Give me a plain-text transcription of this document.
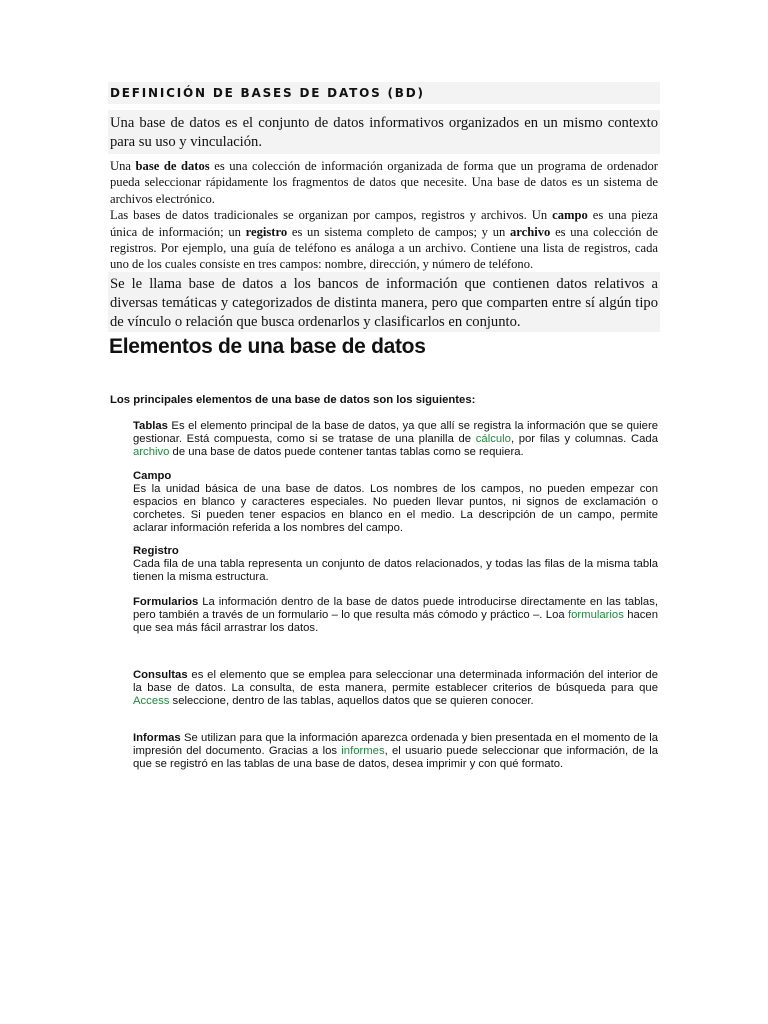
DEFINICIÓN DE BASES DE DATOS (BD)
Una base de datos es el conjunto de datos informativos organizados en un mismo contexto para su uso y vinculación.
Una base de datos es una colección de información organizada de forma que un programa de ordenador pueda seleccionar rápidamente los fragmentos de datos que necesite. Una base de datos es un sistema de archivos electrónico.
Las bases de datos tradicionales se organizan por campos, registros y archivos. Un campo es una pieza única de información; un registro es un sistema completo de campos; y un archivo es una colección de registros. Por ejemplo, una guía de teléfono es análoga a un archivo. Contiene una lista de registros, cada uno de los cuales consiste en tres campos: nombre, dirección, y número de teléfono.
Se le llama base de datos a los bancos de información que contienen datos relativos a diversas temáticas y categorizados de distinta manera, pero que comparten entre sí algún tipo de vínculo o relación que busca ordenarlos y clasificarlos en conjunto.
Elementos de una base de datos
Los principales elementos de una base de datos son los siguientes:
Tablas Es el elemento principal de la base de datos, ya que allí se registra la información que se quiere gestionar. Está compuesta, como si se tratase de una planilla de cálculo, por filas y columnas. Cada archivo de una base de datos puede contener tantas tablas como se requiera.
Campo
Es la unidad básica de una base de datos. Los nombres de los campos, no pueden empezar con espacios en blanco y caracteres especiales. No pueden llevar puntos, ni signos de exclamación o corchetes. Si pueden tener espacios en blanco en el medio. La descripción de un campo, permite aclarar información referida a los nombres del campo.
Registro
Cada fila de una tabla representa un conjunto de datos relacionados, y todas las filas de la misma tabla tienen la misma estructura.
Formularios La información dentro de la base de datos puede introducirse directamente en las tablas, pero también a través de un formulario – lo que resulta más cómodo y práctico –. Loa formularios hacen que sea más fácil arrastrar los datos.
Consultas es el elemento que se emplea para seleccionar una determinada información del interior de la base de datos. La consulta, de esta manera, permite establecer criterios de búsqueda para que Access seleccione, dentro de las tablas, aquellos datos que se quieren conocer.
Informas Se utilizan para que la información aparezca ordenada y bien presentada en el momento de la impresión del documento. Gracias a los informes, el usuario puede seleccionar que información, de la que se registró en las tablas de una base de datos, desea imprimir y con qué formato.
